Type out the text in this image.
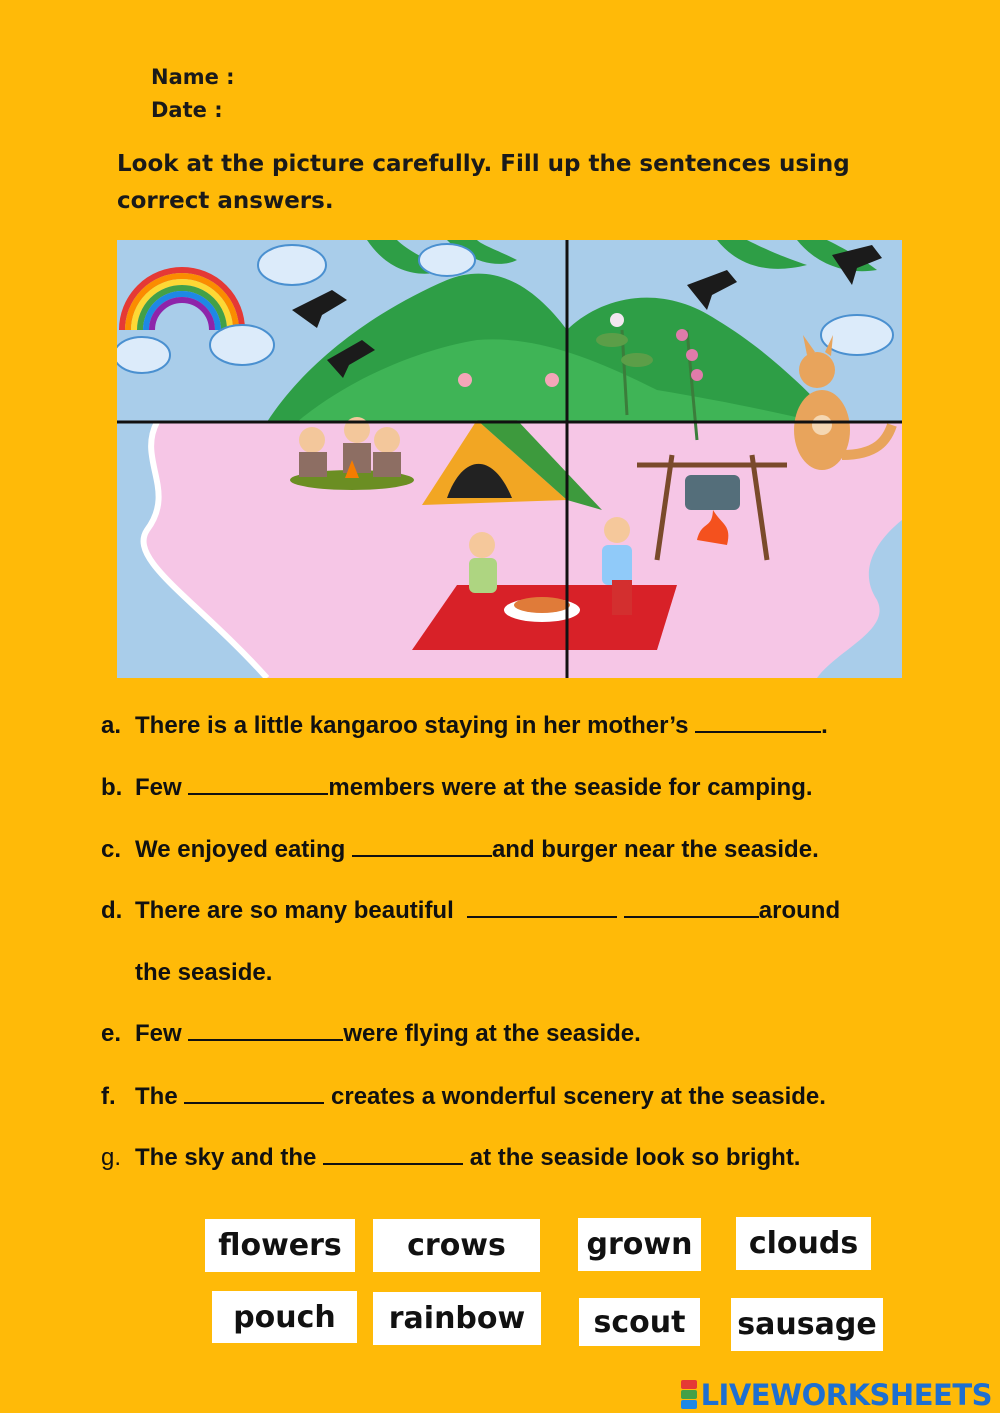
Name :
Date :
Look at the picture carefully. Fill up the sentences using
correct answers.
a. There is a little kangaroo staying in her mother’s	.
b. Few	members were at the seaside for camping.
c. We enjoyed eating	and burger near the seaside.
d. There are so many beautiful	around
the seaside.
e. Few	were flying at the seaside.
f. The	creates a wonderful scenery at the seaside.
g. The sky and the	at the seaside look so bright.
flowers	crows	grown	clouds
pouch	rainbow	scout	sausage
LIVEWORKSHEETS
